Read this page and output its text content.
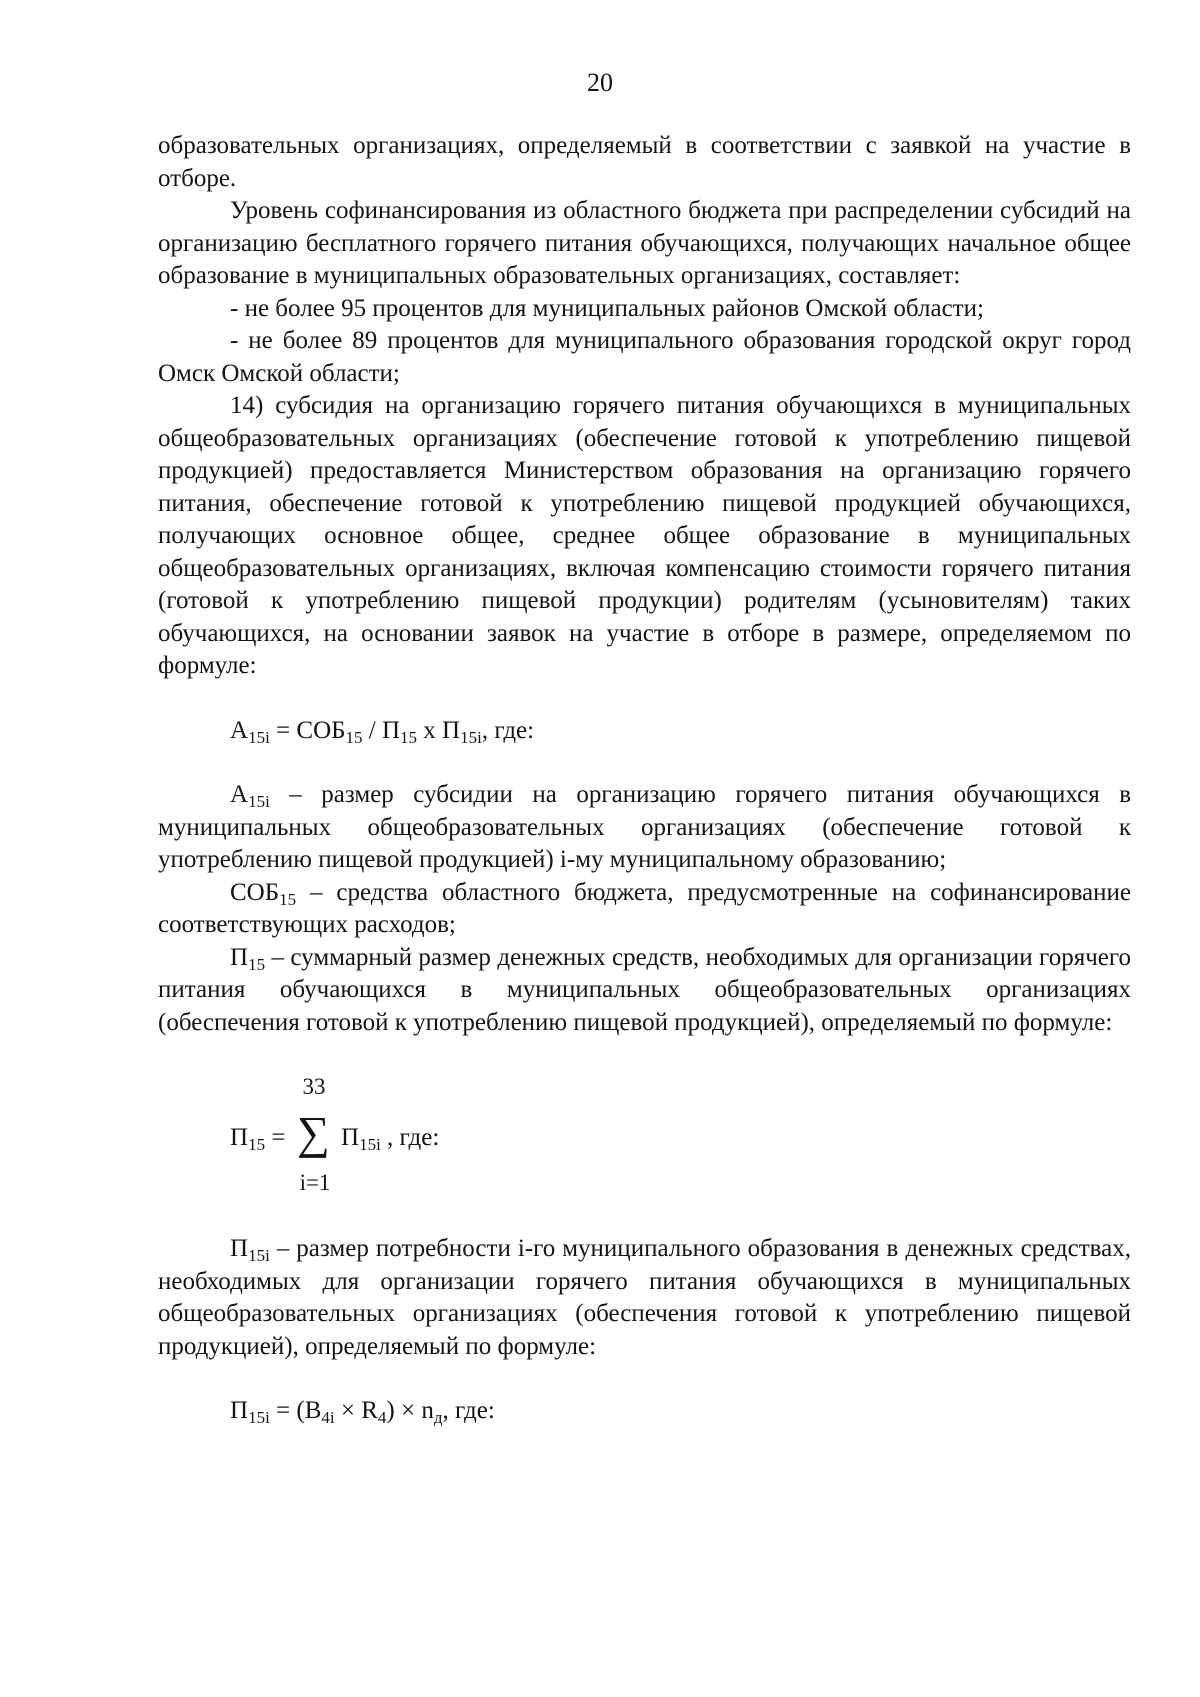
20

образовательных организациях, определяемый в соответствии с заявкой на участие в отборе.

Уровень софинансирования из областного бюджета при распределении субсидий на организацию бесплатного горячего питания обучающихся, получающих начальное общее образование в муниципальных образовательных организациях, составляет:

- не более 95 процентов для муниципальных районов Омской области;

- не более 89 процентов для муниципального образования городской округ город Омск Омской области;

14) субсидия на организацию горячего питания обучающихся в муниципальных общеобразовательных организациях (обеспечение готовой к употреблению пищевой продукцией) предоставляется Министерством образования на организацию горячего питания, обеспечение готовой к употреблению пищевой продукцией обучающихся, получающих основное общее, среднее общее образование в муниципальных общеобразовательных организациях, включая компенсацию стоимости горячего питания (готовой к употреблению пищевой продукции) родителям (усыновителям) таких обучающихся, на основании заявок на участие в отборе в размере, определяемом по формуле:

$А_{15i} = СОБ_{15} / П_{15}$ х $П_{15i}$, где:

$А_{15i}$ – размер субсидии на организацию горячего питания обучающихся в муниципальных общеобразовательных организациях (обеспечение готовой к употреблению пищевой продукцией) i-му муниципальному образованию;

$СОБ_{15}$ – средства областного бюджета, предусмотренные на софинансирование соответствующих расходов;

$П_{15}$ – суммарный размер денежных средств, необходимых для организации горячего питания обучающихся в муниципальных общеобразовательных организациях (обеспечения готовой к употреблению пищевой продукцией), определяемый по формуле:

$П_{15}$ =
33
∑
i=1
$П_{15i}$ , где:

$П_{15i}$ – размер потребности i-го муниципального образования в денежных средствах, необходимых для организации горячего питания обучающихся в муниципальных общеобразовательных организациях (обеспечения готовой к употреблению пищевой продукцией), определяемый по формуле:

$П_{15i} = (В_{4i} \times R_4) \times n_д$, где:
